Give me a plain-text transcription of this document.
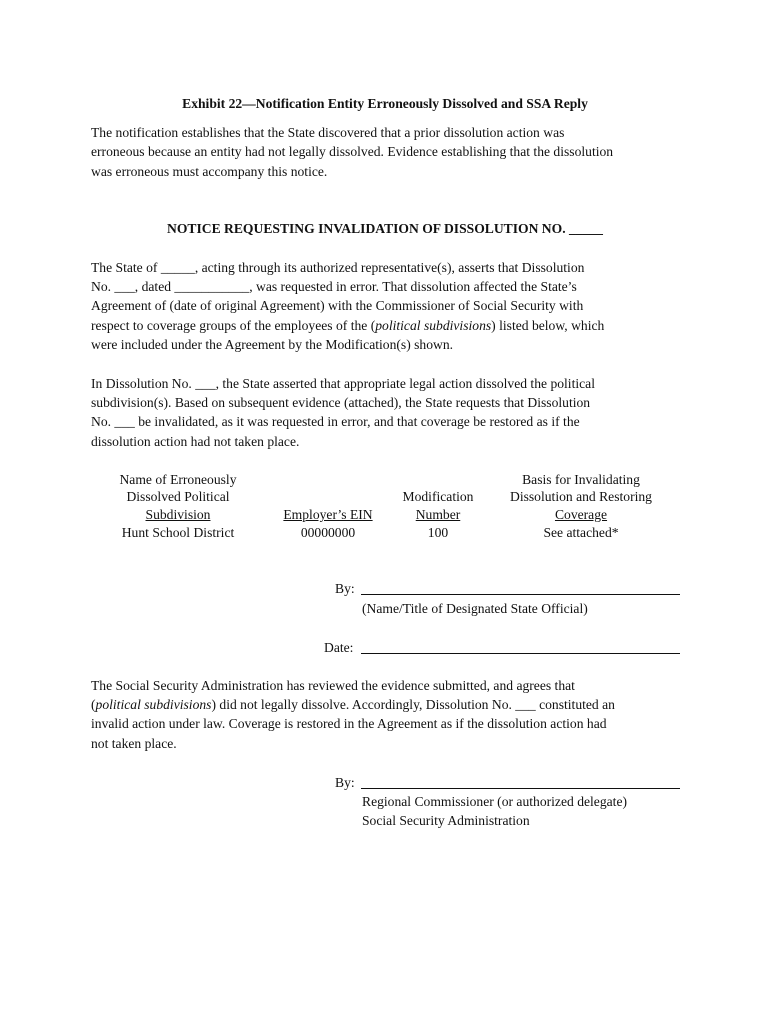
Exhibit 22—Notification Entity Erroneously Dissolved and SSA Reply
The notification establishes that the State discovered that a prior dissolution action was
erroneous because an entity had not legally dissolved. Evidence establishing that the dissolution
was erroneous must accompany this notice.
NOTICE REQUESTING INVALIDATION OF DISSOLUTION NO. _____
The State of _____, acting through its authorized representative(s), asserts that Dissolution
No. ___, dated ___________, was requested in error. That dissolution affected the State’s
Agreement of (date of original Agreement) with the Commissioner of Social Security with
respect to coverage groups of the employees of the (political subdivisions) listed below, which
were included under the Agreement by the Modification(s) shown.
In Dissolution No. ___, the State asserted that appropriate legal action dissolved the political
subdivision(s). Based on subsequent evidence (attached), the State requests that Dissolution
No. ___ be invalidated, as it was requested in error, and that coverage be restored as if the
dissolution action had not taken place.
Name of Erroneously
Dissolved Political
Subdivision
Hunt School District
Employer’s EIN
00000000
Modification
Number
100
Basis for Invalidating
Dissolution and Restoring
Coverage
See attached*
By:
(Name/Title of Designated State Official)
Date:
The Social Security Administration has reviewed the evidence submitted, and agrees that
(political subdivisions) did not legally dissolve. Accordingly, Dissolution No. ___ constituted an
invalid action under law. Coverage is restored in the Agreement as if the dissolution action had
not taken place.
By:
Regional Commissioner (or authorized delegate)
Social Security Administration
